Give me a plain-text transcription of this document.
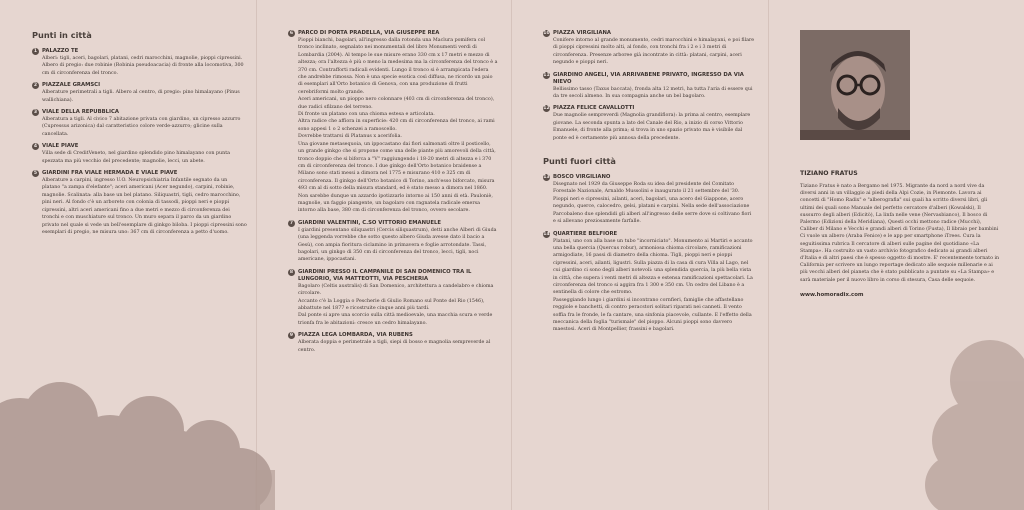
Punti in città
1 PALAZZO TE

Alberi: tigli, aceri, bagolari, platani, cedri marocchini, magnolie, pioppi cipressini.
Albero di pregio: due robinie (Robinia pseudoacacia) di fronte alla locomotiva, 300 cm di circonferenza del tronco.

2 PIAZZALE GRAMSCI

Alberature perimetrali a tigli. Albero al centro, di pregio: pino himalayano (Pinus wallichiana).

3 VIALE DELLA REPUBBLICA

Alberatura a tigli. Al civico 7 abitazione privata con giardino, un cipresso azzurro (Cupressus arizonica) dal caratteristico colore verde-azzurro; glicine sulla cancellata.

4 VIALE PIAVE

Villa sede di CreditVeneto, nel giardino splendido pino himalayano con punta spezzata ma più vecchio del precedente; magnolie, lecci, un abete.

5 GIARDINI FRA VIALE HERMADA E VIALE PIAVE

Alberature a carpini, ingresso U.O. Neuropsichiatria Infantile segnato da un platano "a zampa d'elefante"; aceri americani (Acer negundo), carpini, robinie, magnolie. Scalinata: alla base un bel platano. Siliquastri, tigli, cedro marocchino, pini neri. Al fondo c'è un arboreto con colonia di tassodi, pioppi neri e pioppi cipressini, altri aceri americani fino a due metri e mezzo di circonferenza dei tronchi e con muschiature sul tronco. Un muro separa il parco da un giardino privato nel quale si vede un bell'esemplare di ginkgo biloba. I pioppi cipressini sono esemplari di pregio, ne misura uno: 367 cm di circonferenza a petto d'uomo.

6 PARCO DI PORTA PRADELLA, VIA GIUSEPPE REA

Pioppi bianchi, bagolari, all'ingresso dalla rotonda una Maclura pomifera col tronco inclinato, segnalato nei monumentali del libro Monumenti verdi di Lombardia (2004). Al tempo le sue misure erano 330 cm x 17 metri e mezzo di altezza; ora l'altezza è più o meno la medesima ma la circonferenza del tronco è a 370 cm. Contrafforti radicali evidenti. Lungo il tronco si è arrampicata l'edera che andrebbe rimossa. Non è una specie esotica così diffusa, ne ricordo un paio di esemplari all'Orto botanico di Genova, con una produzione di frutti cerebriformi molto grande.
Aceri americani, un pioppo nero colonnare (403 cm di circonferenza del tronco), due radici sfilzano del terreno.
Di fronte un platano con una chioma estesa e articolata.
Altra radice che affiora in superficie: 420 cm di circonferenza del tronco, ai rami sono appesi 1 o 2 schenzei a ramoscello.
Dovrebbe trattarsi di Platanus x acerifolia.
Una giovane metasequoia, un ippocastano dai fiori salmonati oltre il posticello, un grande ginkgo che si propone come una delle piante più amorevoli della città, tronco doppio che si biforca a "V" raggiungendo i 18-20 metri di altezza e i 370 cm di circonferenza del tronco. I due ginkgo dell'Orto botanico braidense a Milano sono stati messi a dimora nel 1775 e misurano 410 e 325 cm di circonferenza. Il ginkgo dell'Orto botanico di Torino, anch'esso biforcato, misura 493 cm al di sotto della misura standard, ed è stato messo a dimora nel 1860. Non sarebbe dunque un azzardo ipotizzarlo intorno ai 150 anni di età. Pauloniè, magnolie, un faggio piangente, un bagolaro con ragnatela radicale emersa intorno alla base, 380 cm di circonferenza del tronco, ovvero secolare.

7 GIARDINI VALENTINI, C.SO VITTORIO EMANUELE

I giardini presentano siliquastri (Cercis siliquastrum), detti anche Alberi di Giuda (una leggenda vorrebbe che sotto questo albero Giuda avesse dato il bacio a Gesù), con ampia fioritura ciclamino in primavera e foglie arrotondate. Tassi, bagolari, un ginkgo di 350 cm di circonferenza del tronco, lecci, tigli, noci americane, ippocastani.

8 GIARDINI PRESSO IL CAMPANILE DI SAN DOMENICO TRA IL LUNGORIO, VIA MATTEOTTI, VIA PESCHERIA

Bagolaro (Celtis australis) di San Domenico, architettura a candelabro e chioma circolare.
Accanto c'è la Loggia o Pescherie di Giulio Romano sul Ponte del Rio (1546), abbattute nel 1877 e ricostruite cinque anni più tardi.
Dal ponte si apre una scorcio sulla città medioevale, una macchia scura e verde trionfa fra le abitazioni: cresce un cedro himalayano.

9 PIAZZA LEGA LOMBARDA, VIA RUBENS

Alberata doppia e perimetrale a tigli, siepi di bosso e magnolia sempreverde al centro.

10 PIAZZA VIRGILIANA

Conifere intorno al grande monumento, cedri marocchini e himalayani, e poi filare di pioppi cipressini molto alti, al fondo, con tronchi fra i 2 e i 3 metri di circonferenza. Presenze arboree già incontrate in città: platani, carpini, aceri negundo e pioppi neri.

11 GIARDINO ANGELI, VIA ARRIVABENE PRIVATO, INGRESSO DA VIA NIEVO

Bellissimo tasso (Taxus baccata), fronda alta 12 metri, ha tutta l'aria di essere qui da tre secoli almeno. In sua compagnia anche un bel bagolaro.

12 PIAZZA FELICE CAVALLOTTI

Due magnolie sempreverdi (Magnolia grandiflora): la prima al centro, esemplare giovane. La seconda spunta a lato del Canale del Rio, a inizio di corso Vittorio Emanuele, di fronte alla prima; si trova in uno spazio privato ma è visibile dal ponte ed è certamente più annosa della precedente.

Punti fuori città
13 BOSCO VIRGILIANO

Disegnato nel 1929 da Giuseppe Roda su idea del presidente del Comitato Forestale Nazionale, Arnaldo Mussolini e inaugurato il 21 settembre del '30. Pioppi neri e cipressini, ailanti, aceri, bagolari, una acero del Giappone, acero negundo, querce, calocedro, gelsi, platani e carpini. Nella sede dell'associazione Parcobaleno due splendidi gli alberi all'ingresso delle serre dove si coltivano fiori e si allevano preziosamente farfalle.

14 QUARTIERE BELFIORE

Platani, uno con alla base un tubo "incorniciato". Monumento ai Martiri e accanto una bella quercia (Quercus robur), armoniosa chioma circolare, ramificazioni armigodiate, 16 passi di diametro della chioma. Tigli, pioppi neri e pioppi cipressini, aceri, ailanti, ligustri. Sulla piazza di la casa di cura Villa al Lago, nel cui giardino ci sono degli alberi notevoli: una splendida quercia, la più bella vista in città, che supera i venti metri di altezza e estensa ramificazioni spettacolari. La circonferenza del tronco si aggira fra 1 300 e 350 cm. Un cedro del Libano è a sentinella di colore che estromo.
Passeggiando lungo i giardini si incontrano cornfieri, famiglie che affastellano reggiole e banchetti, di contro peracstori solitari riparati nei canneti. Il vento soffia fra le fronde, le fa cantare, una sinfonia piacevole, cullante. E l'effetto della meccanica della foglia "turismale" del pioppo. Alcuni pioppi sono davvero maestosi. Aceri di Montpellier, frassini e bagolari.

TIZIANO FRATUS

Tiziano Fratus è nato a Bergamo nel 1975. Migrante da nord a nord vive da diversi anni in un villaggio ai piedi della Alpi Cozie, in Piemonte. Lavora ai concetti di "Homo Radix" e "alberografia" sui quali ha scritto diversi libri, gli ultimi dei quali sono Manuale del perfetto cercatore d'alberi (Kowalski), Il sussurro degli alberi (Edicitò), La linfa nelle vene (Nervasbianco), Il bosco di Palermo (Edizioni della Meridiana), Questi occhi mettono radice (Mucchi), Caliber di Milano e Vecchi e grandi alberi di Torino (Fusta), Il libraio per bambini Ci vuole un albero (Araba Fenice) e le app per smartphone iTrees. Cura la seguitissima rubrica Il cercatore di alberi sulle pagine del quotidiano «La Stampa». Ha costruito un vasto archivio fotografico dedicato ai grandi alberi d'Italia e di altri paesi che è spesso oggetto di mostre. E' recentemente tornato in California per scrivere un lungo reportage dedicato alle sequoie millenarie e ai più vecchi alberi del pianeta che è stato pubblicato a puntate su «La Stampa» e sarà materiale per il nuovo libro in corso di stesura, Casa delle sequoie.

www.homoradix.com
